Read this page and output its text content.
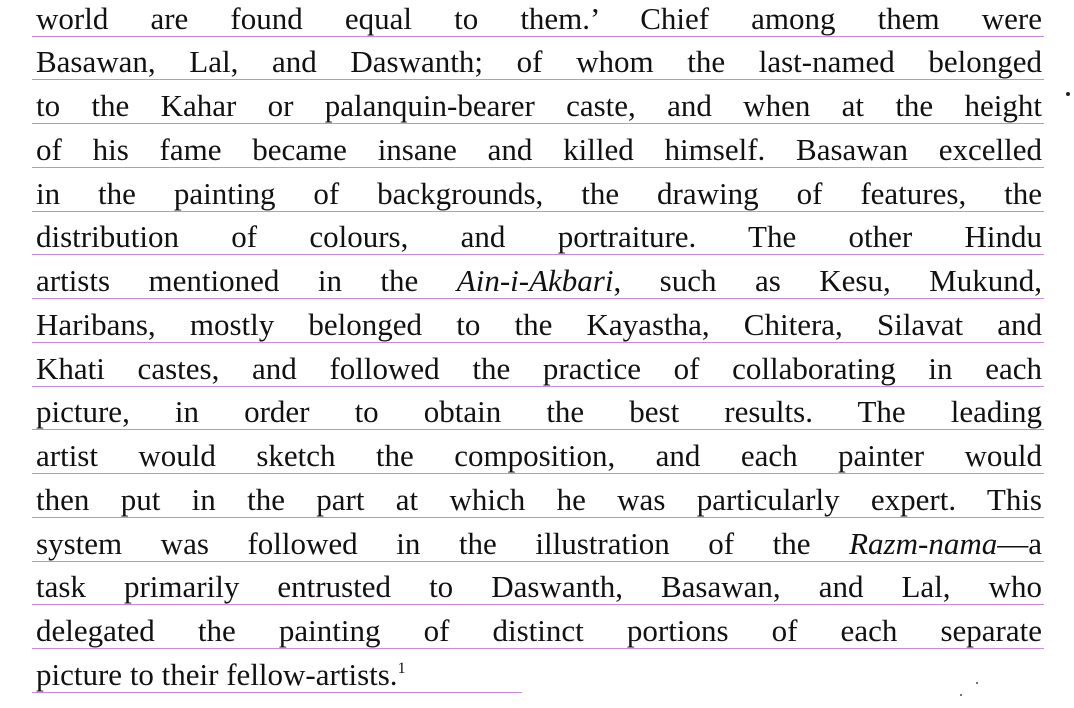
world are found equal to them.’ Chief among them were
Basawan, Lal, and Daswanth; of whom the last-named belonged
to the Kahar or palanquin-bearer caste, and when at the height
of his fame became insane and killed himself. Basawan excelled
in the painting of backgrounds, the drawing of features, the
distribution of colours, and portraiture. The other Hindu
artists mentioned in the Ain-i-Akbari, such as Kesu, Mukund,
Haribans, mostly belonged to the Kayastha, Chitera, Silavat and
Khati castes, and followed the practice of collaborating in each
picture, in order to obtain the best results. The leading
artist would sketch the composition, and each painter would
then put in the part at which he was particularly expert. This
system was followed in the illustration of the Razm-nama—a
task primarily entrusted to Daswanth, Basawan, and Lal, who
delegated the painting of distinct portions of each separate
picture to their fellow-artists.$^1$
